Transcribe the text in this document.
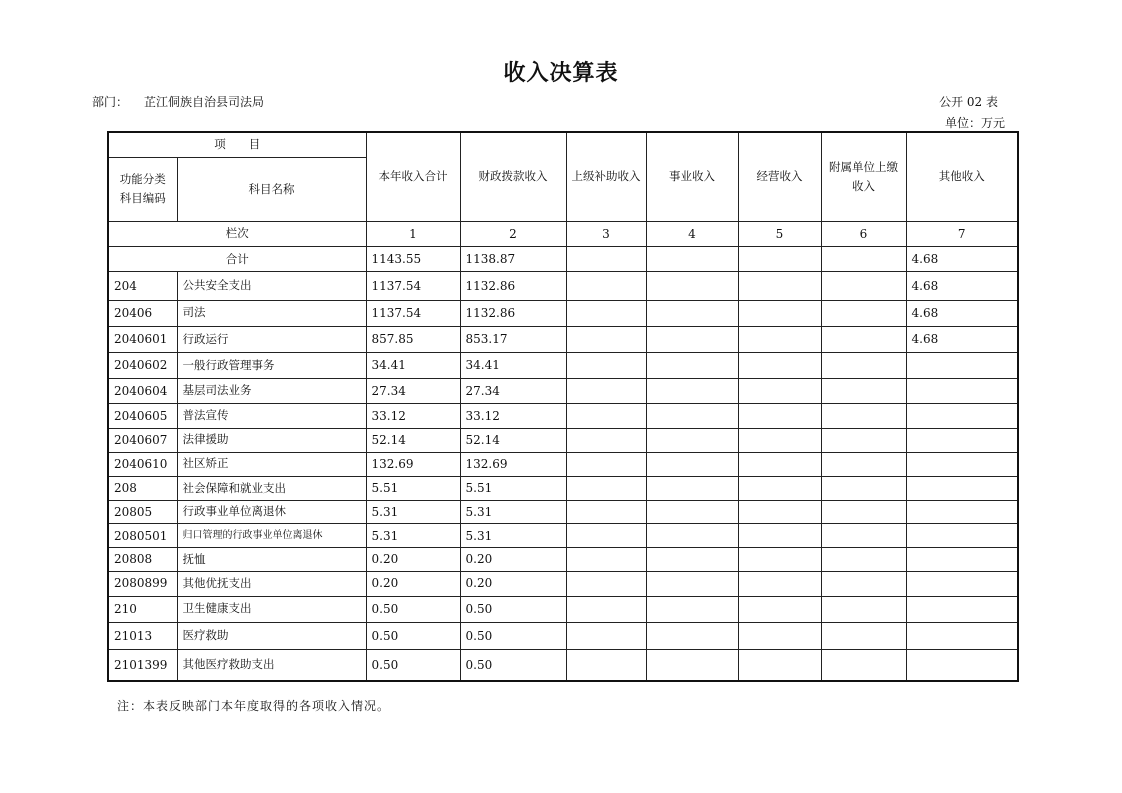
收入决算表
部门： 芷江侗族自治县司法局	公开 02 表
单位：万元
项　　目		本年收入合计	财政拨款收入	上级补助收入	事业收入	经营收入	附属单位上缴收入	其他收入
功能分类科目编码	科目名称							
栏次		1	2	3	4	5	6	7
合计		1143.55	1138.87					4.68
204	公共安全支出	1137.54	1132.86					4.68
20406	司法	1137.54	1132.86					4.68
2040601	行政运行	857.85	853.17					4.68
2040602	一般行政管理事务	34.41	34.41					
2040604	基层司法业务	27.34	27.34					
2040605	普法宣传	33.12	33.12					
2040607	法律援助	52.14	52.14					
2040610	社区矫正	132.69	132.69					
208	社会保障和就业支出	5.51	5.51					
20805	行政事业单位离退休	5.31	5.31					
2080501	归口管理的行政事业单位离退休	5.31	5.31					
20808	抚恤	0.20	0.20					
2080899	其他优抚支出	0.20	0.20					
210	卫生健康支出	0.50	0.50					
21013	医疗救助	0.50	0.50					
2101399	其他医疗救助支出	0.50	0.50					
注：本表反映部门本年度取得的各项收入情况。
